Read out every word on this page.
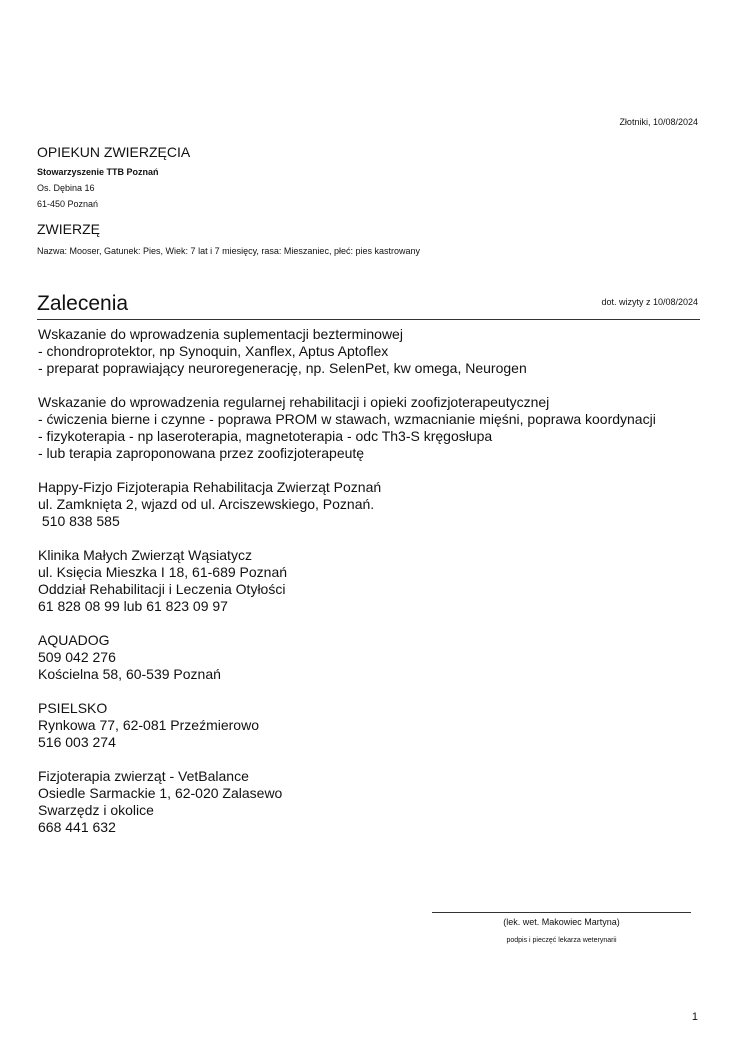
Złotniki, 10/08/2024
OPIEKUN ZWIERZĘCIA
Stowarzyszenie TTB Poznań
Os. Dębina 16
61-450 Poznań
ZWIERZĘ
Nazwa: Mooser, Gatunek: Pies, Wiek: 7 lat i 7 miesięcy, rasa: Mieszaniec, płeć: pies kastrowany
Zalecenia	dot. wizyty z 10/08/2024
Wskazanie do wprowadzenia suplementacji bezterminowej
- chondroprotektor, np Synoquin, Xanflex, Aptus Aptoflex
- preparat poprawiający neuroregenerację, np. SelenPet, kw omega, Neurogen

Wskazanie do wprowadzenia regularnej rehabilitacji i opieki zoofizjoterapeutycznej
- ćwiczenia bierne i czynne - poprawa PROM w stawach, wzmacnianie mięśni, poprawa koordynacji
- fizykoterapia - np laseroterapia, magnetoterapia - odc Th3-S kręgosłupa
- lub terapia zaproponowana przez zoofizjoterapeutę

Happy-Fizjo Fizjoterapia Rehabilitacja Zwierząt Poznań
ul. Zamknięta 2, wjazd od ul. Arciszewskiego, Poznań.
510 838 585

Klinika Małych Zwierząt Wąsiatycz
ul. Księcia Mieszka I 18, 61-689 Poznań
Oddział Rehabilitacji i Leczenia Otyłości
61 828 08 99 lub 61 823 09 97

AQUADOG
509 042 276
Kościelna 58, 60-539 Poznań

PSIELSKO
Rynkowa 77, 62-081 Przeźmierowo
516 003 274

Fizjoterapia zwierząt - VetBalance
Osiedle Sarmackie 1, 62-020 Zalasewo
Swarzędz i okolice
668 441 632
(lek. wet. Makowiec Martyna)
podpis i pieczęć lekarza weterynarii
1
